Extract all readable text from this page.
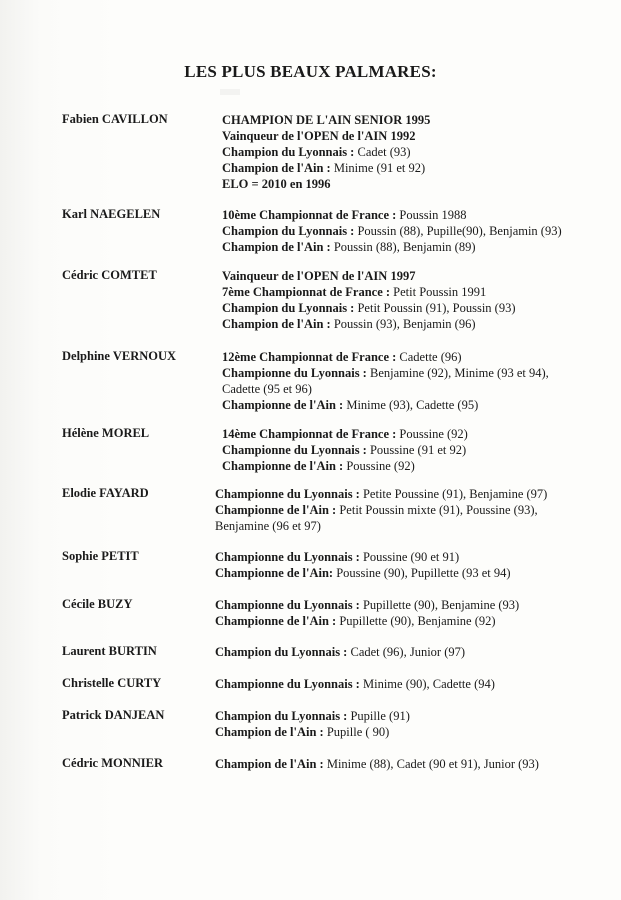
▬
LES PLUS BEAUX PALMARES:
Fabien CAVILLON	CHAMPION DE L'AIN SENIOR 1995
Vainqueur de l'OPEN de l'AIN 1992
Champion du Lyonnais : Cadet (93)
Champion de l'Ain : Minime (91 et 92)
ELO = 2010 en 1996
Karl NAEGELEN	10ème Championnat de France : Poussin 1988
Champion du Lyonnais : Poussin (88), Pupille(90), Benjamin (93)
Champion de l'Ain : Poussin (88), Benjamin (89)
Cédric COMTET	Vainqueur de l'OPEN de l'AIN 1997
7ème Championnat de France : Petit Poussin 1991
Champion du Lyonnais : Petit Poussin (91), Poussin (93)
Champion de l'Ain : Poussin (93), Benjamin (96)
Delphine VERNOUX	12ème Championnat de France : Cadette (96)
Championne du Lyonnais : Benjamine (92), Minime (93 et 94),
Cadette (95 et 96)
Championne de l'Ain : Minime (93), Cadette (95)
Hélène MOREL	14ème Championnat de France : Poussine (92)
Championne du Lyonnais : Poussine (91 et 92)
Championne de l'Ain : Poussine (92)
Elodie FAYARD	Championne du Lyonnais : Petite Poussine (91), Benjamine (97)
Championne de l'Ain : Petit Poussin mixte (91), Poussine (93),
Benjamine (96 et 97)
Sophie PETIT	Championne du Lyonnais : Poussine (90 et 91)
Championne de l'Ain: Poussine (90), Pupillette (93 et 94)
Cécile BUZY	Championne du Lyonnais : Pupillette (90), Benjamine (93)
Championne de l'Ain : Pupillette (90), Benjamine (92)
Laurent BURTIN	Champion du Lyonnais : Cadet (96), Junior (97)
Christelle CURTY	Championne du Lyonnais : Minime (90), Cadette (94)
Patrick DANJEAN	Champion du Lyonnais : Pupille (91)
Champion de l'Ain : Pupille ( 90)
Cédric MONNIER	Champion de l'Ain : Minime (88), Cadet (90 et 91), Junior (93)
